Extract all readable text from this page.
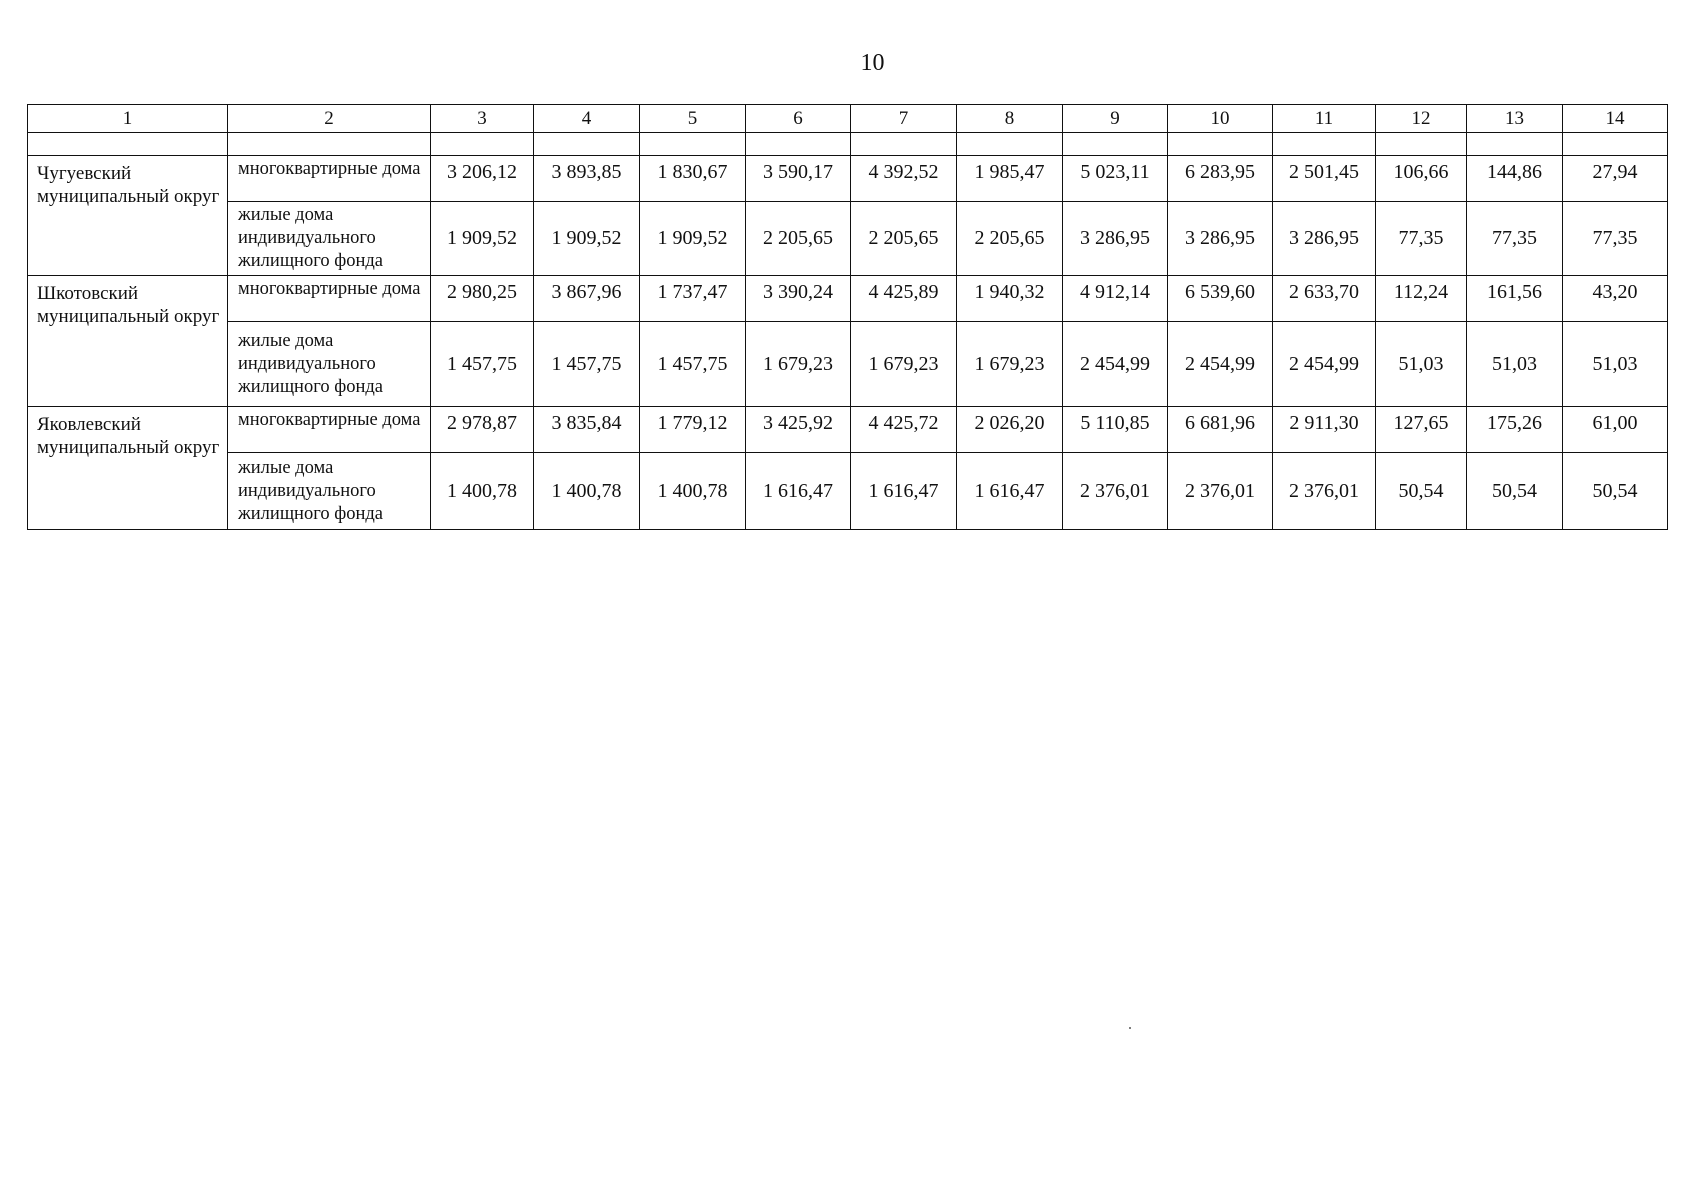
10
1	2	3	4	5	6	7	8	9	10	11	12	13	14

Чугуевский муниципальный округ	многоквартирные дома	3 206,12	3 893,85	1 830,67	3 590,17	4 392,52	1 985,47	5 023,11	6 283,95	2 501,45	106,66	144,86	27,94
	жилые дома индивидуального жилищного фонда	1 909,52	1 909,52	1 909,52	2 205,65	2 205,65	2 205,65	3 286,95	3 286,95	3 286,95	77,35	77,35	77,35
Шкотовский муниципальный округ	многоквартирные дома	2 980,25	3 867,96	1 737,47	3 390,24	4 425,89	1 940,32	4 912,14	6 539,60	2 633,70	112,24	161,56	43,20
	жилые дома индивидуального жилищного фонда	1 457,75	1 457,75	1 457,75	1 679,23	1 679,23	1 679,23	2 454,99	2 454,99	2 454,99	51,03	51,03	51,03
Яковлевский муниципальный округ	многоквартирные дома	2 978,87	3 835,84	1 779,12	3 425,92	4 425,72	2 026,20	5 110,85	6 681,96	2 911,30	127,65	175,26	61,00
	жилые дома индивидуального жилищного фонда	1 400,78	1 400,78	1 400,78	1 616,47	1 616,47	1 616,47	2 376,01	2 376,01	2 376,01	50,54	50,54	50,54
